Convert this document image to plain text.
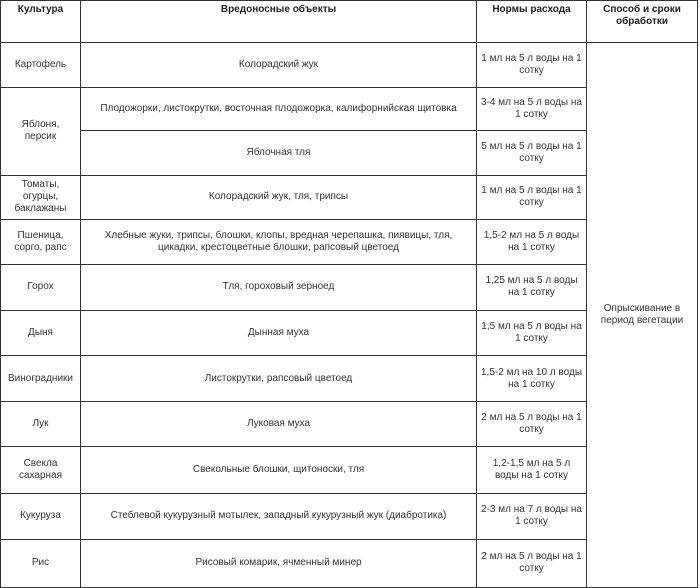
Культура	Вредоносные объекты	Нормы расхода	Способ и сроки обработки
Картофель	Колорадский жук	1 мл на 5 л воды на 1 сотку	Опрыскивание в период вегетации
Яблоня, персик	Плодожорки, листокрутки, восточная плодожорка, калифорнийская щитовка	3-4 мл на 5 л воды на 1 сотку	
	Яблочная тля	5 мл на 5 л воды на 1 сотку	
Томаты, огурцы, баклажаны	Колорадский жук, тля, трипсы	1 мл на 5 л воды на 1 сотку	
Пшеница, сорго, рапс	Хлебные жуки, трипсы, блошки, клопы, вредная черепашка, пиявицы, тля, цикадки, крестоцветные блошки, рапсовый цветоед	1,5-2 мл на 5 л воды на 1 сотку	
Горох	Тля, гороховый зерноед	1,25 мл на 5 л воды на 1 сотку	
Дыня	Дынная муха	1,5 мл на 5 л воды на 1 сотку	
Виноградники	Листокрутки, рапсовый цветоед	1,5-2 мл на 10 л воды на 1 сотку	
Лук	Луковая муха	2 мл на 5 л воды на 1 сотку	
Свекла сахарная	Свекольные блошки, щитоноски, тля	1,2-1,5 мл на 5 л воды на 1 сотку	
Кукуруза	Стеблевой кукурузный мотылек, западный кукурузный жук (диабротика)	2-3 мл на 7 л воды на 1 сотку	
Рис	Рисовый комарик, ячменный минер	2 мл на 5 л воды на 1 сотку	
